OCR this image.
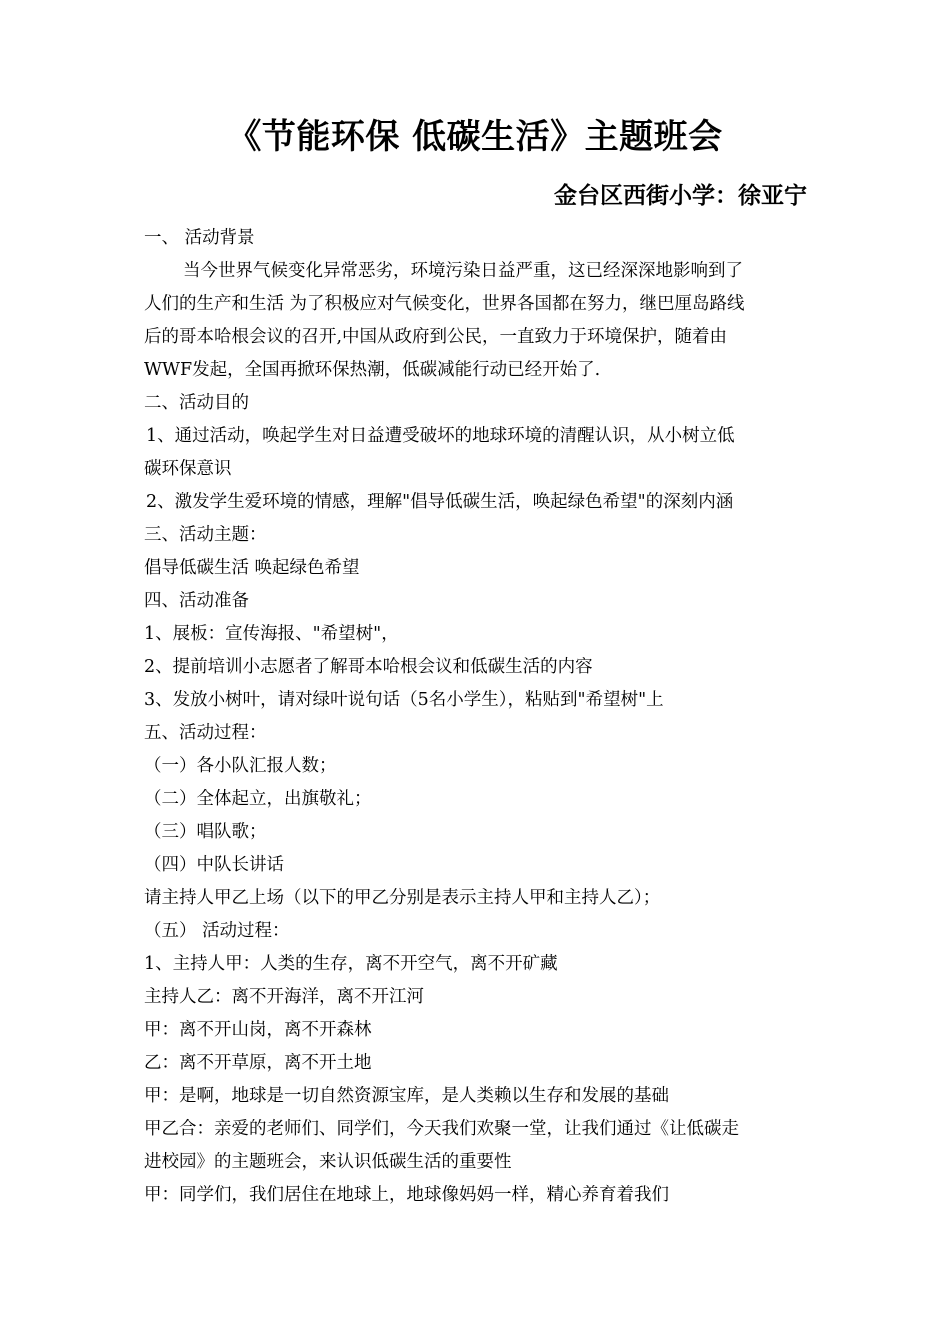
《节能环保 低碳生活》主题班会
金台区西街小学：徐亚宁
一、 活动背景
当今世界气候变化异常恶劣，环境污染日益严重，这已经深深地影响到了
人们的生产和生活 为了积极应对气候变化，世界各国都在努力，继巴厘岛路线
后的哥本哈根会议的召开,中国从政府到公民，一直致力于环境保护，随着由
WWF发起，全国再掀环保热潮，低碳减能行动已经开始了.
二、活动目的
1、通过活动，唤起学生对日益遭受破坏的地球环境的清醒认识，从小树立低
碳环保意识
2、激发学生爱环境的情感，理解"倡导低碳生活，唤起绿色希望"的深刻内涵
三、活动主题：
倡导低碳生活 唤起绿色希望
四、活动准备
1、展板：宣传海报、"希望树"，
2、提前培训小志愿者了解哥本哈根会议和低碳生活的内容
3、发放小树叶，请对绿叶说句话（5名小学生），粘贴到"希望树"上
五、活动过程：
（一）各小队汇报人数；
（二）全体起立，出旗敬礼；
（三）唱队歌；
（四）中队长讲话
请主持人甲乙上场（以下的甲乙分别是表示主持人甲和主持人乙）；
（五） 活动过程：
1、主持人甲：人类的生存，离不开空气，离不开矿藏
主持人乙：离不开海洋，离不开江河
甲：离不开山岗，离不开森林
乙：离不开草原，离不开土地
甲：是啊，地球是一切自然资源宝库，是人类赖以生存和发展的基础
甲乙合：亲爱的老师们、同学们，今天我们欢聚一堂，让我们通过《让低碳走
进校园》的主题班会，来认识低碳生活的重要性
甲：同学们，我们居住在地球上，地球像妈妈一样，精心养育着我们
